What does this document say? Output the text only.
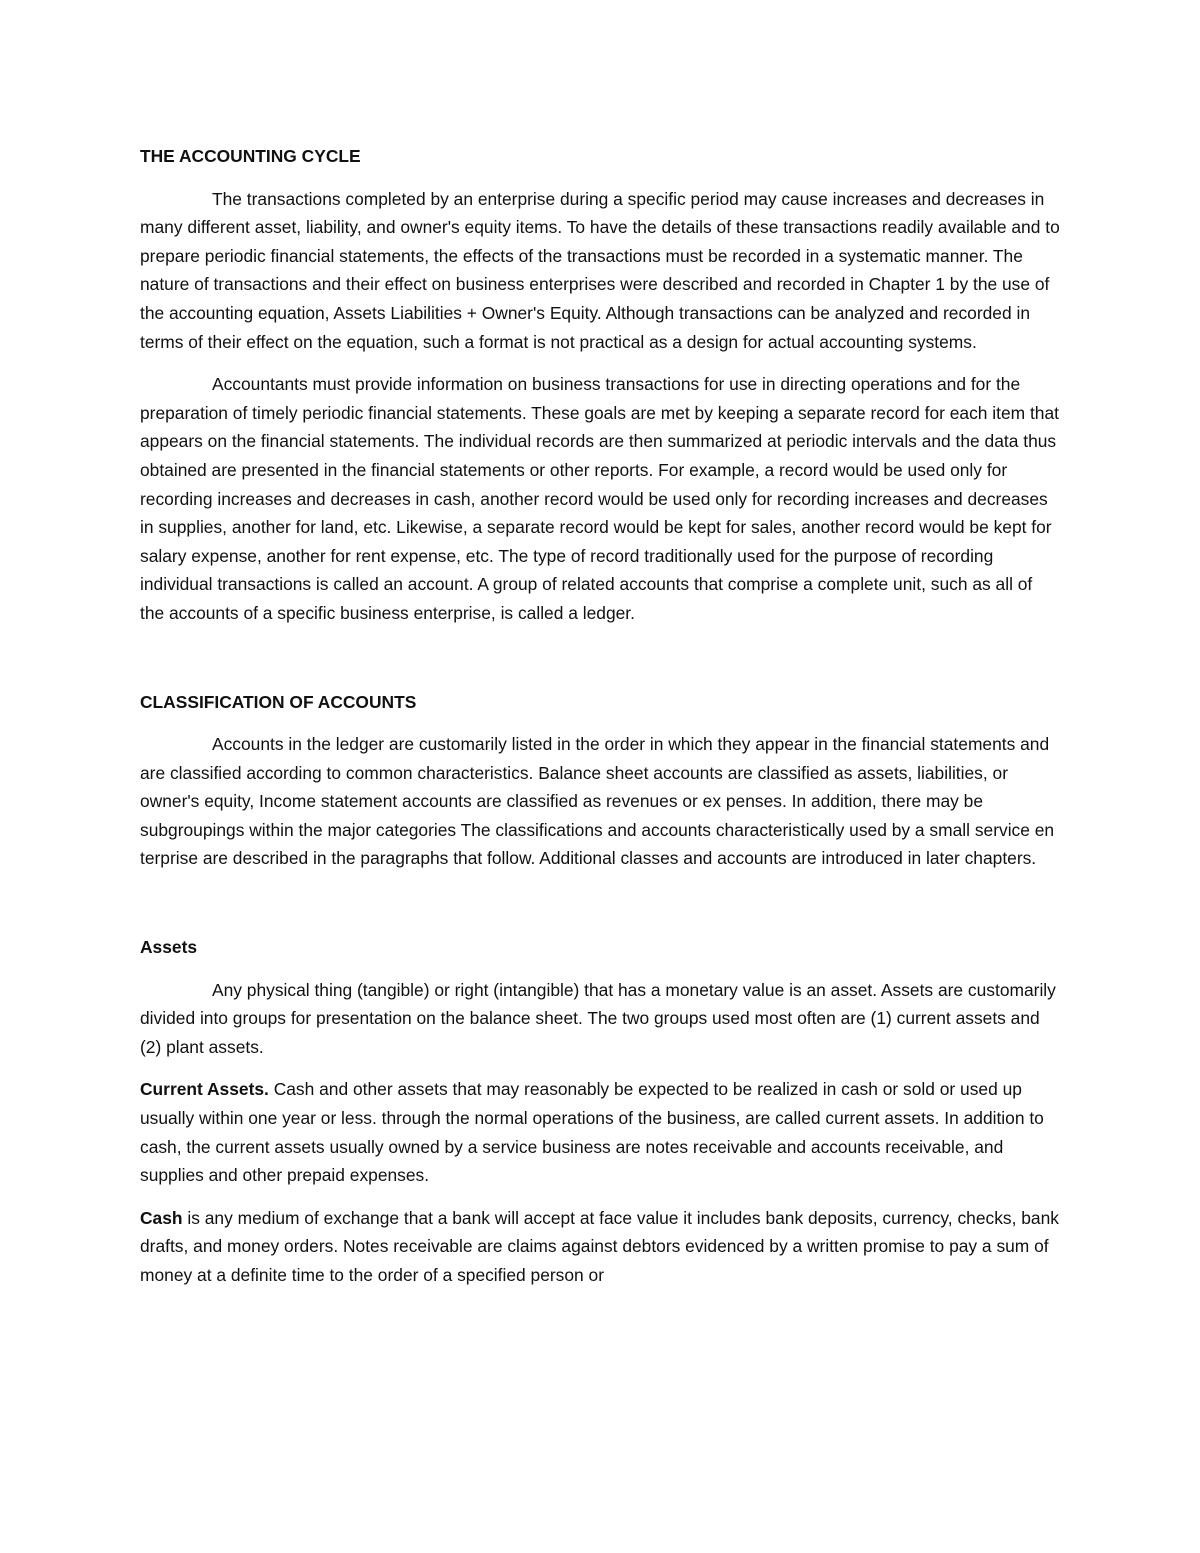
THE ACCOUNTING CYCLE

The transactions completed by an enterprise during a specific period may cause increases and decreases in many different asset, liability, and owner's equity items. To have the details of these transactions readily available and to prepare periodic financial statements, the effects of the transactions must be recorded in a systematic manner. The nature of transactions and their effect on business enterprises were described and recorded in Chapter 1 by the use of the accounting equation, Assets Liabilities + Owner's Equity. Although transactions can be analyzed and recorded in terms of their effect on the equation, such a format is not practical as a design for actual accounting systems.

Accountants must provide information on business transactions for use in directing operations and for the preparation of timely periodic financial statements. These goals are met by keeping a separate record for each item that appears on the financial statements. The individual records are then summarized at periodic intervals and the data thus obtained are presented in the financial statements or other reports. For example, a record would be used only for recording increases and decreases in cash, another record would be used only for recording increases and decreases in supplies, another for land, etc. Likewise, a separate record would be kept for sales, another record would be kept for salary expense, another for rent expense, etc. The type of record traditionally used for the purpose of recording individual transactions is called an account. A group of related accounts that comprise a complete unit, such as all of the accounts of a specific business enterprise, is called a ledger.

CLASSIFICATION OF ACCOUNTS

Accounts in the ledger are customarily listed in the order in which they appear in the financial statements and are classified according to common characteristics. Balance sheet accounts are classified as assets, liabilities, or owner's equity, Income statement accounts are classified as revenues or ex penses. In addition, there may be subgroupings within the major categories The classifications and accounts characteristically used by a small service en terprise are described in the paragraphs that follow. Additional classes and accounts are introduced in later chapters.

Assets

Any physical thing (tangible) or right (intangible) that has a monetary value is an asset. Assets are customarily divided into groups for presentation on the balance sheet. The two groups used most often are (1) current assets and (2) plant assets.

Current Assets. Cash and other assets that may reasonably be expected to be realized in cash or sold or used up usually within one year or less. through the normal operations of the business, are called current assets. In addition to cash, the current assets usually owned by a service business are notes receivable and accounts receivable, and supplies and other prepaid expenses.

Cash is any medium of exchange that a bank will accept at face value it includes bank deposits, currency, checks, bank drafts, and money orders. Notes receivable are claims against debtors evidenced by a written promise to pay a sum of money at a definite time to the order of a specified person or
